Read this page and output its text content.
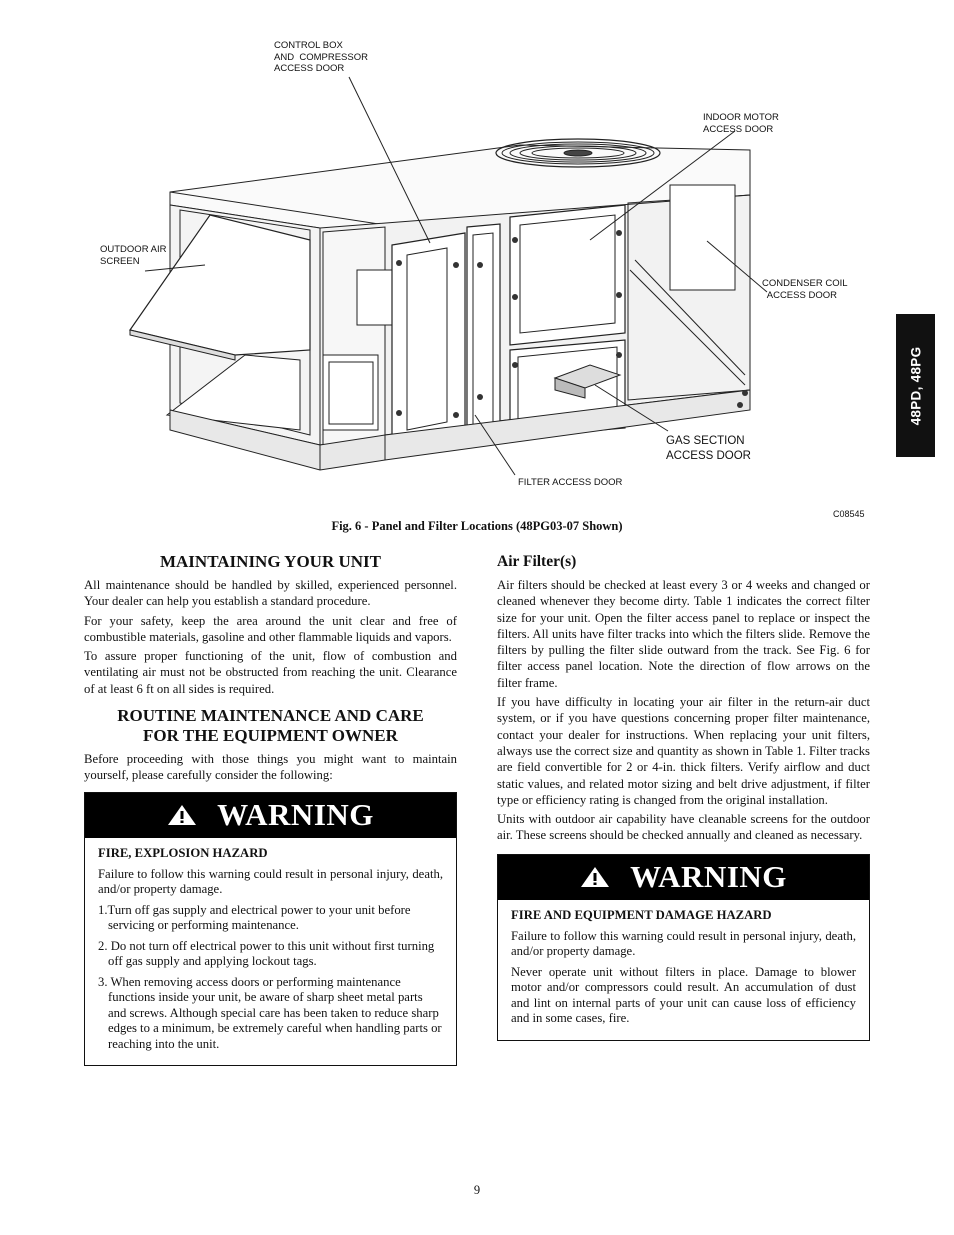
CONTROL BOX
AND  COMPRESSOR
ACCESS DOOR
INDOOR MOTOR
ACCESS DOOR
OUTDOOR AIR
SCREEN
CONDENSER COIL
ACCESS DOOR
GAS SECTION
ACCESS DOOR
FILTER ACCESS DOOR
C08545
Fig. 6 - Panel and Filter Locations (48PG03-07 Shown)
48PD, 48PG
MAINTAINING YOUR UNIT

All maintenance should be handled by skilled, experienced personnel. Your dealer can help you establish a standard procedure.

For your safety, keep the area around the unit clear and free of combustible materials, gasoline and other flammable liquids and vapors.

To assure proper functioning of the unit, flow of combustion and ventilating air must not be obstructed from reaching the unit. Clearance of at least 6 ft on all sides is required.

ROUTINE MAINTENANCE AND CARE
FOR THE EQUIPMENT OWNER

Before proceeding with those things you might want to maintain yourself, please carefully consider the following:

WARNING

FIRE, EXPLOSION HAZARD

Failure to follow this warning could result in personal injury, death, and/or property damage.

1.Turn off gas supply and electrical power to your unit before servicing or performing maintenance.

2. Do not turn off electrical power to this unit without first turning off gas supply and applying lockout tags.

3. When removing access doors or performing maintenance functions inside your unit, be aware of sharp sheet metal parts and screws. Although special care has been taken to reduce sharp edges to a minimum, be extremely careful when handling parts or reaching into the unit.

Air Filter(s)

Air filters should be checked at least every 3 or 4 weeks and changed or cleaned whenever they become dirty. Table 1 indicates the correct filter size for your unit. Open the filter access panel to replace or inspect the filters. All units have filter tracks into which the filters slide. Remove the filters by pulling the filter slide outward from the track. See Fig. 6 for filter access panel location. Note the direction of flow arrows on the filter frame.

If you have difficulty in locating your air filter in the return-air duct system, or if you have questions concerning proper filter maintenance, contact your dealer for instructions. When replacing your unit filters, always use the correct size and quantity as shown in Table 1. Filter tracks are field convertible for 2 or 4-in. thick filters. Verify airflow and duct static values, and related motor sizing and belt drive adjustment, if filter type or efficiency rating is changed from the original installation.

Units with outdoor air capability have cleanable screens for the outdoor air. These screens should be checked annually and cleaned as necessary.

WARNING

FIRE AND EQUIPMENT DAMAGE HAZARD

Failure to follow this warning could result in personal injury, death, and/or property damage.

Never operate unit without filters in place. Damage to blower motor and/or compressors could result. An accumulation of dust and lint on internal parts of your unit can cause loss of efficiency and in some cases, fire.

9
